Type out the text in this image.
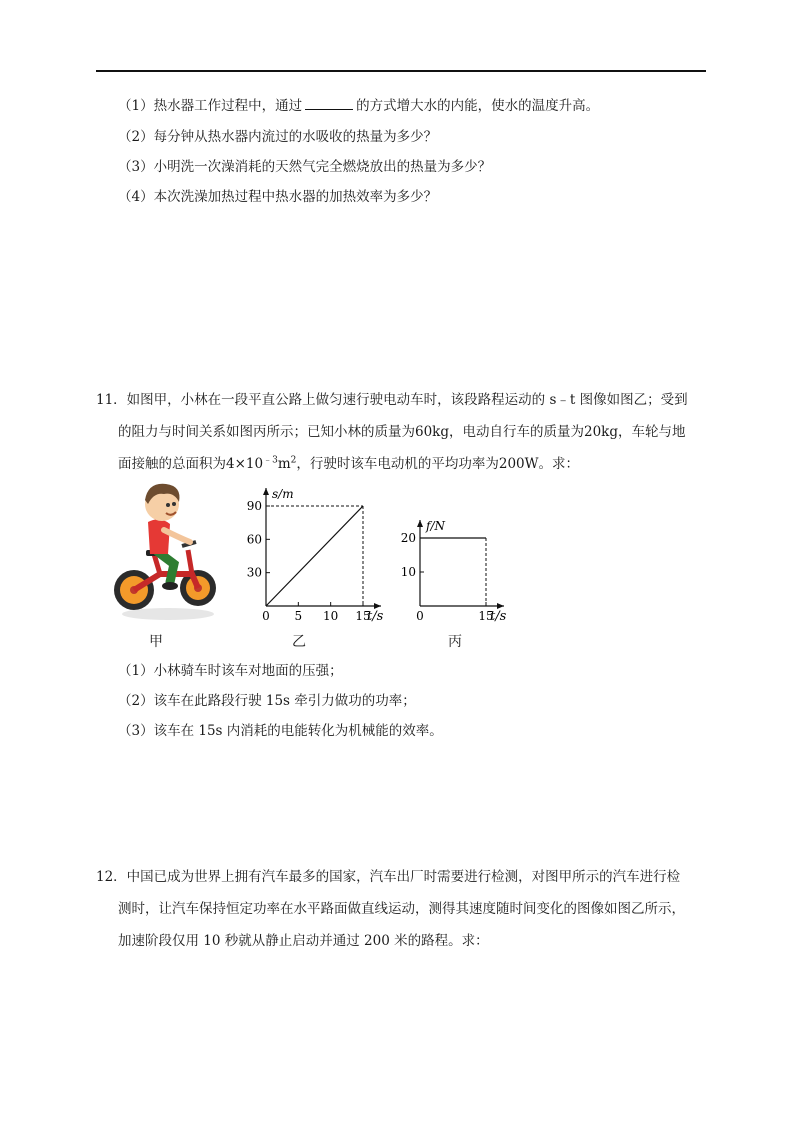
（1）热水器工作过程中，通过	的方式增大水的内能，使水的温度升高。
（2）每分钟从热水器内流过的水吸收的热量为多少？
（3）小明洗一次澡消耗的天然气完全燃烧放出的热量为多少？
（4）本次洗澡加热过程中热水器的加热效率为多少？
11．如图甲，小林在一段平直公路上做匀速行驶电动车时，该段路程运动的 s﹣t 图像如图乙；受到
的阻力与时间关系如图丙所示；已知小林的质量为60kg，电动自行车的质量为20kg，车轮与地
面接触的总面积为$4\times 10^{﹣3}m^2$，行驶时该车电动机的平均功率为200W。求：
0 5 10 15
30
60
90
s/m
t/s	0	15
10
20
f/N
t/s
甲	乙	丙
（1）小林骑车时该车对地面的压强；
（2）该车在此路段行驶 15s 牵引力做功的功率；
（3）该车在 15s 内消耗的电能转化为机械能的效率。
12．中国已成为世界上拥有汽车最多的国家，汽车出厂时需要进行检测，对图甲所示的汽车进行检
测时，让汽车保持恒定功率在水平路面做直线运动，测得其速度随时间变化的图像如图乙所示，
加速阶段仅用 10 秒就从静止启动并通过 200 米的路程。求：
